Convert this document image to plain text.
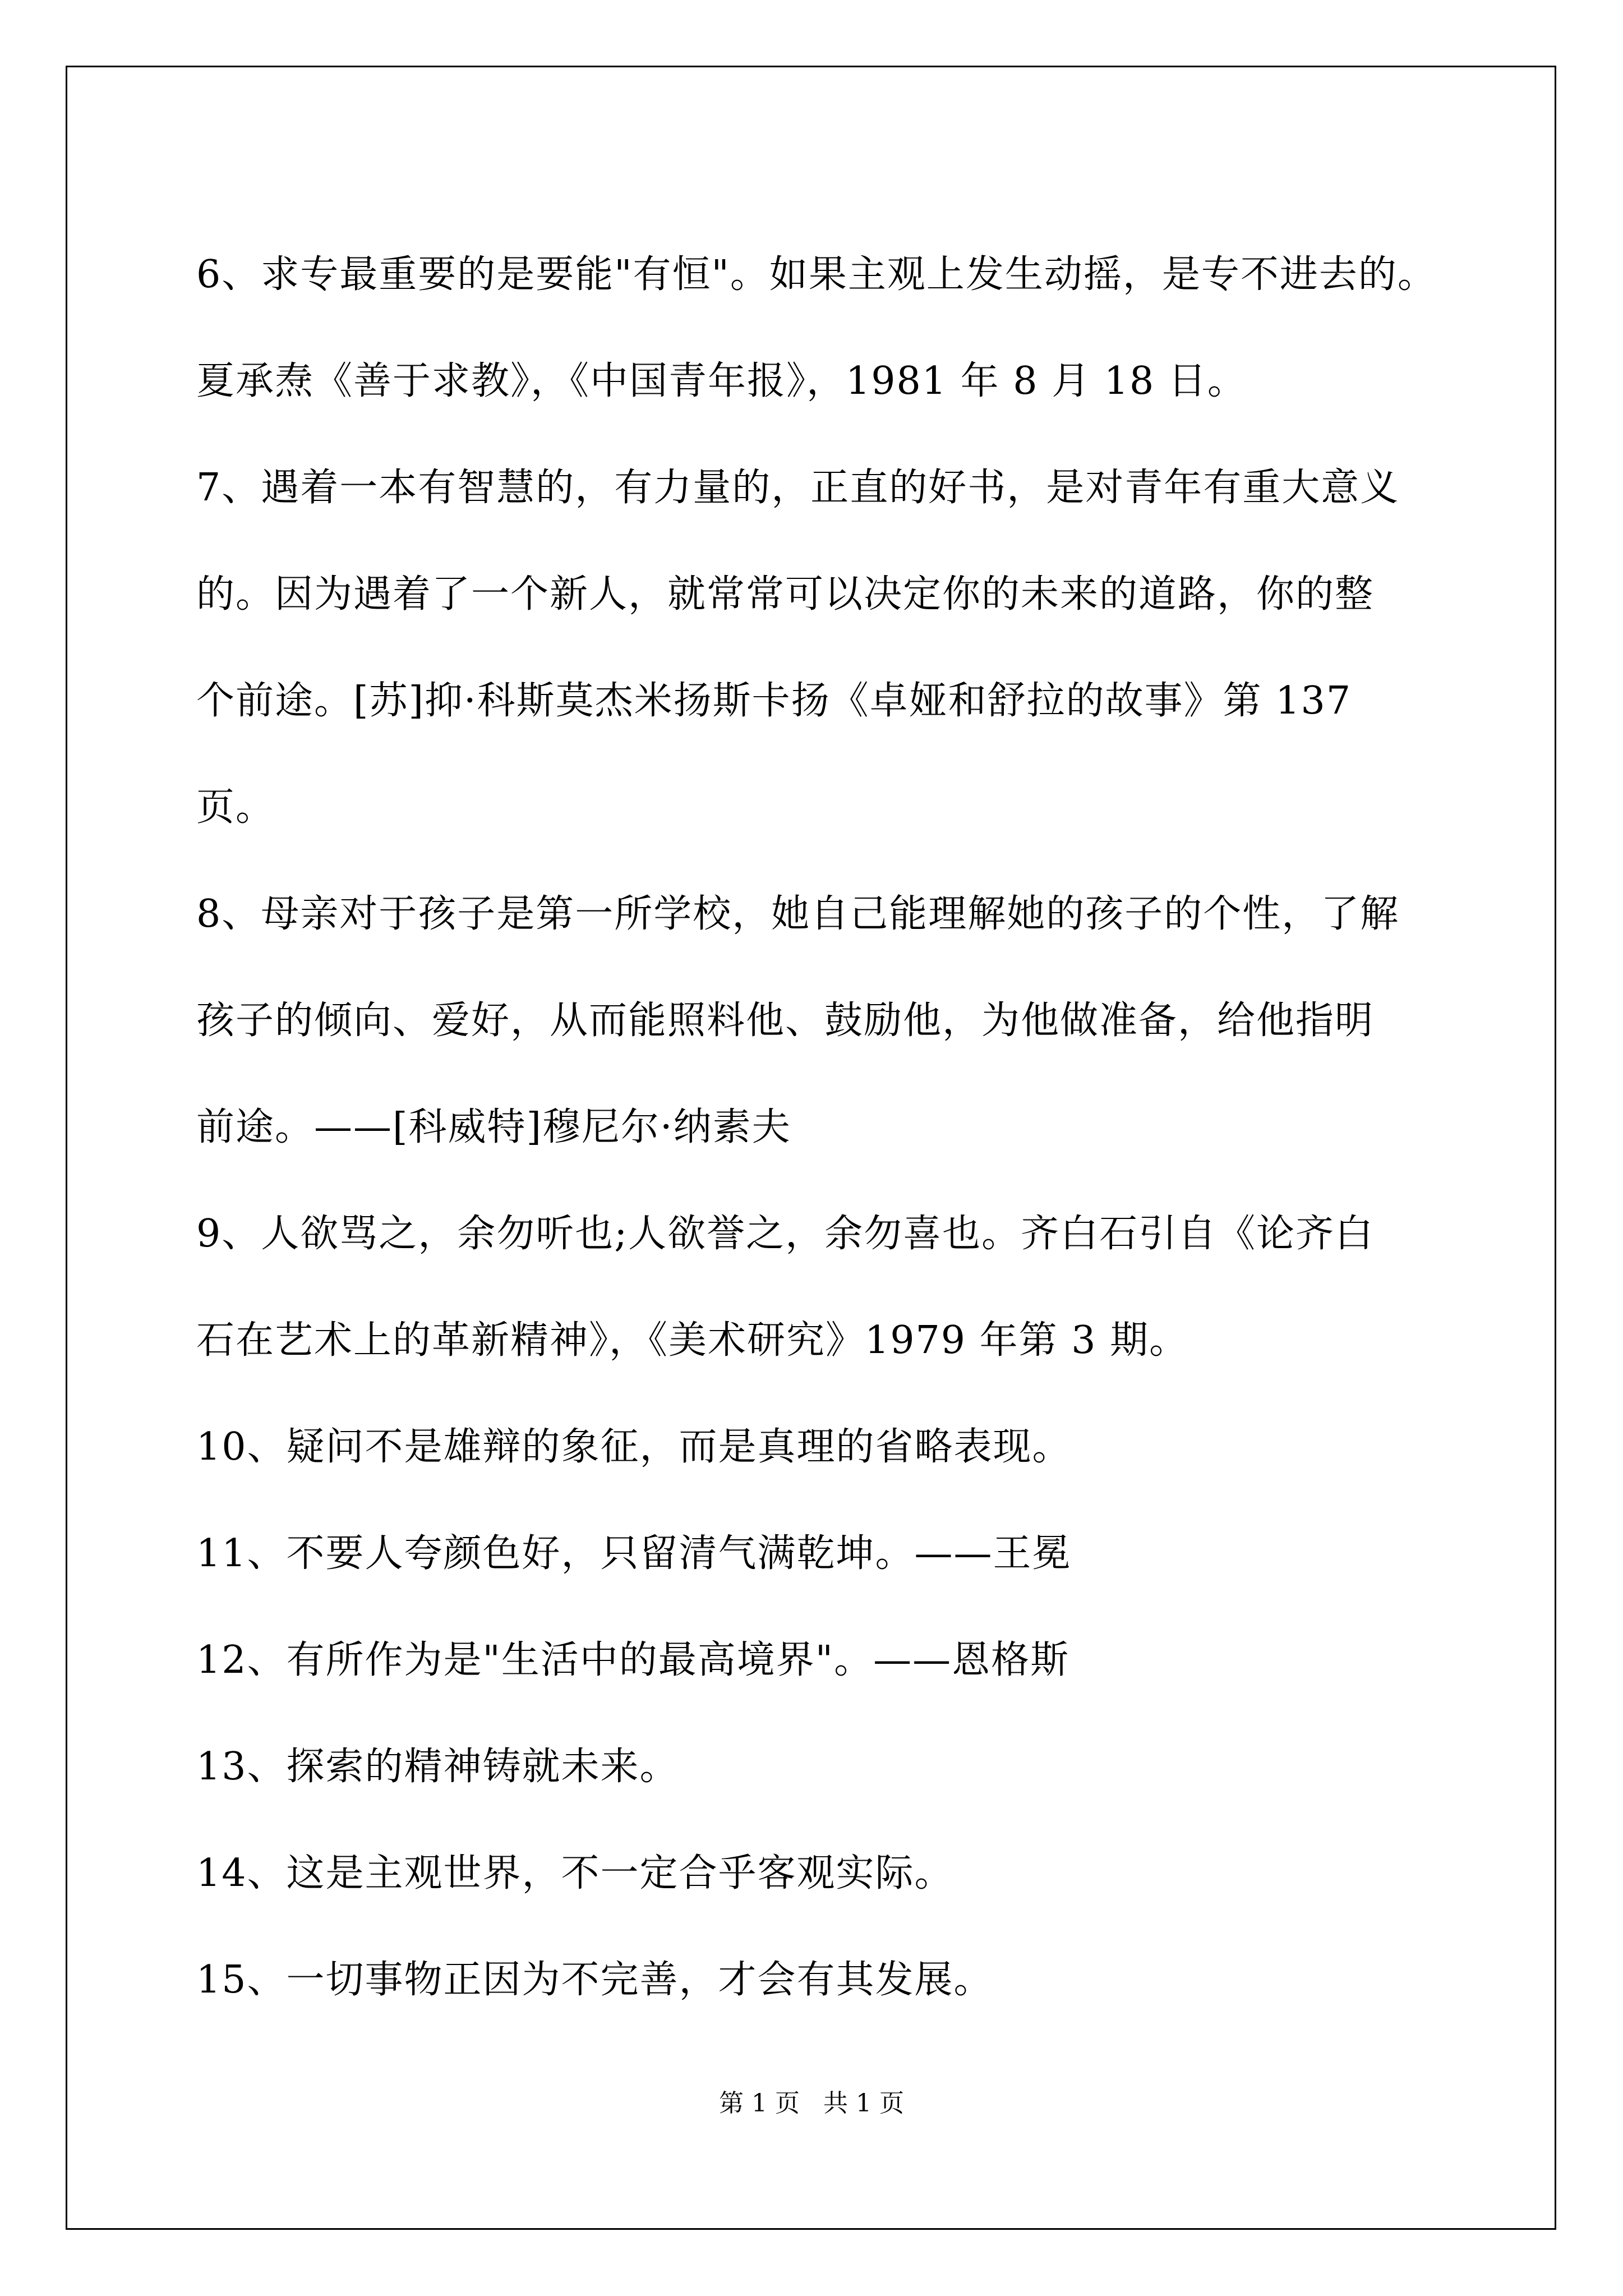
6、求专最重要的是要能"有恒"。如果主观上发生动摇，是专不进去的。
夏承焘《善于求教》，《中国青年报》，1981 年 8 月 18 日。
7、遇着一本有智慧的，有力量的，正直的好书，是对青年有重大意义
的。因为遇着了一个新人，就常常可以决定你的未来的道路，你的整
个前途。[苏]抑·科斯莫杰米扬斯卡扬《卓娅和舒拉的故事》第 137
页。
8、母亲对于孩子是第一所学校，她自己能理解她的孩子的个性，了解
孩子的倾向、爱好，从而能照料他、鼓励他，为他做准备，给他指明
前途。——[科威特]穆尼尔·纳素夫
9、人欲骂之，余勿听也;人欲誉之，余勿喜也。齐白石引自《论齐白
石在艺术上的革新精神》，《美术研究》1979 年第 3 期。
10、疑问不是雄辩的象征，而是真理的省略表现。
11、不要人夸颜色好，只留清气满乾坤。——王冕
12、有所作为是"生活中的最高境界"。——恩格斯
13、探索的精神铸就未来。
14、这是主观世界，不一定合乎客观实际。
15、一切事物正因为不完善，才会有其发展。
第 1 页   共 1 页
